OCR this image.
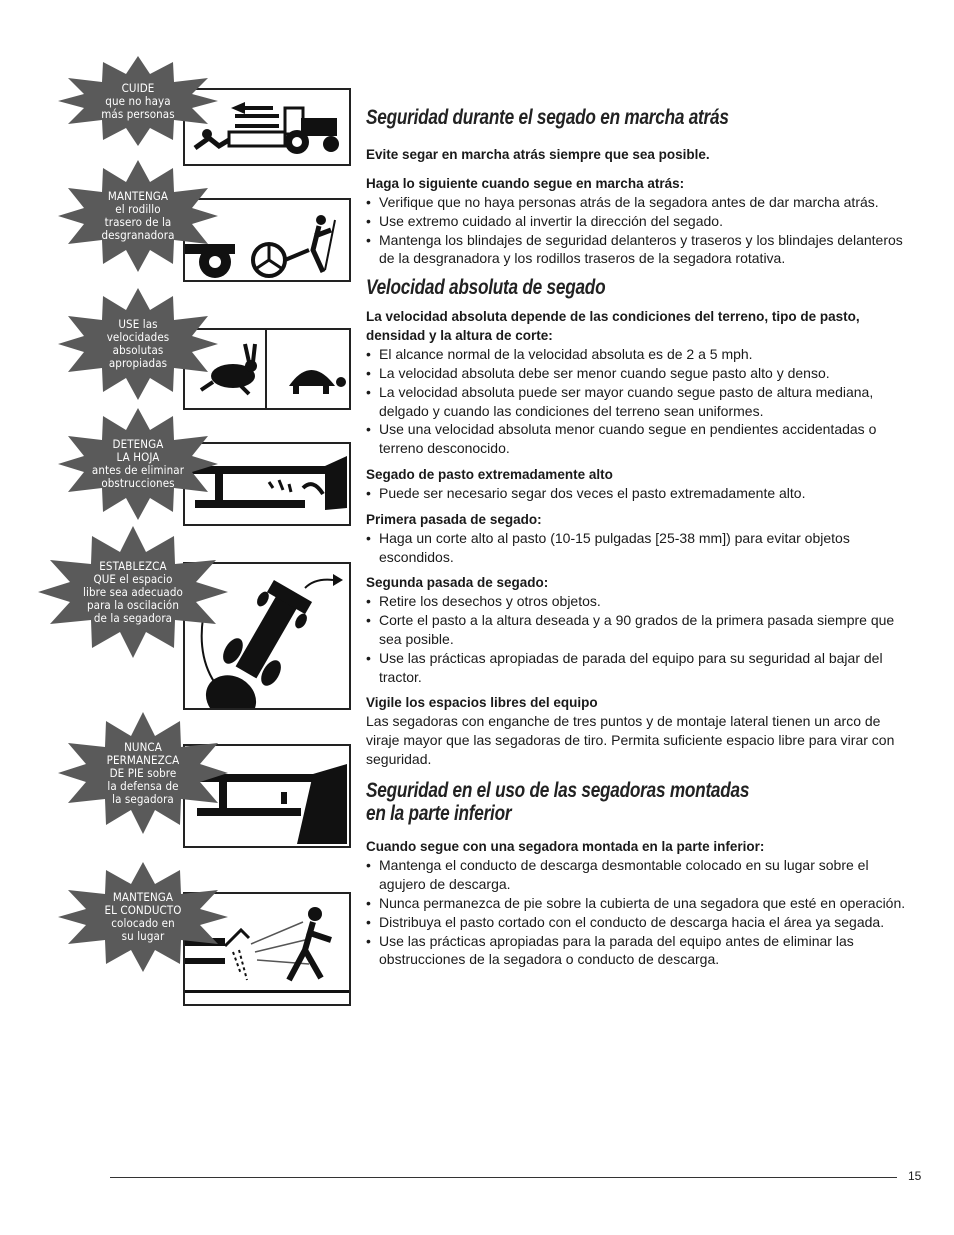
CUIDE
que no haya
más personas
MANTENGA
el rodillo
trasero de la
desgranadora
USE las
velocidades
absolutas
apropiadas
DETENGA
LA HOJA
antes de eliminar
obstrucciones
ESTABLEZCA
QUE el espacio
libre sea adecuado
para la oscilación
de la segadora
NUNCA
PERMANEZCA
DE PIE sobre
la defensa de
la segadora
MANTENGA
EL CONDUCTO
colocado en
su lugar
Seguridad durante el segado en marcha atrás

Evite segar en marcha atrás siempre que sea posible.

Haga lo siguiente cuando segue en marcha atrás:

• Verifique que no haya personas atrás de la segadora antes de dar marcha atrás.
• Use extremo cuidado al invertir la dirección del segado.
• Mantenga los blindajes de seguridad delanteros y traseros y los blindajes delanteros de la desgranadora y los rodillos traseros de la segadora rotativa.
Velocidad absoluta de segado

La velocidad absoluta depende de las condiciones del terreno, tipo de pasto, densidad y la altura de corte:

• El alcance normal de la velocidad absoluta es de 2 a 5 mph.
• La velocidad absoluta debe ser menor cuando segue pasto alto y denso.
• La velocidad absoluta puede ser mayor cuando segue pasto de altura mediana, delgado y cuando las condiciones del terreno sean uniformes.
• Use una velocidad absoluta menor cuando segue en pendientes accidentadas o terreno desconocido.

Segado de pasto extremadamente alto

• Puede ser necesario segar dos veces el pasto extremadamente alto.

Primera pasada de segado:

• Haga un corte alto al pasto (10-15 pulgadas [25-38 mm]) para evitar objetos escondidos.

Segunda pasada de segado:

• Retire los desechos y otros objetos.
• Corte el pasto a la altura deseada y a 90 grados de la primera pasada siempre que sea posible.
• Use las prácticas apropiadas de parada del equipo para su seguridad al bajar del tractor.

Vigile los espacios libres del equipo

Las segadoras con enganche de tres puntos y de montaje lateral tienen un arco de viraje mayor que las segadoras de tiro. Permita suficiente espacio libre para virar con seguridad.

Seguridad en el uso de las segadoras montadas
en la parte inferior

Cuando segue con una segadora montada en la parte inferior:

• Mantenga el conducto de descarga desmontable colocado en su lugar sobre el agujero de descarga.
• Nunca permanezca de pie sobre la cubierta de una segadora que esté en operación.
• Distribuya el pasto cortado con el conducto de descarga hacia el área ya segada.
• Use las prácticas apropiadas para la parada del equipo antes de eliminar las obstrucciones de la segadora o conducto de descarga.
15
